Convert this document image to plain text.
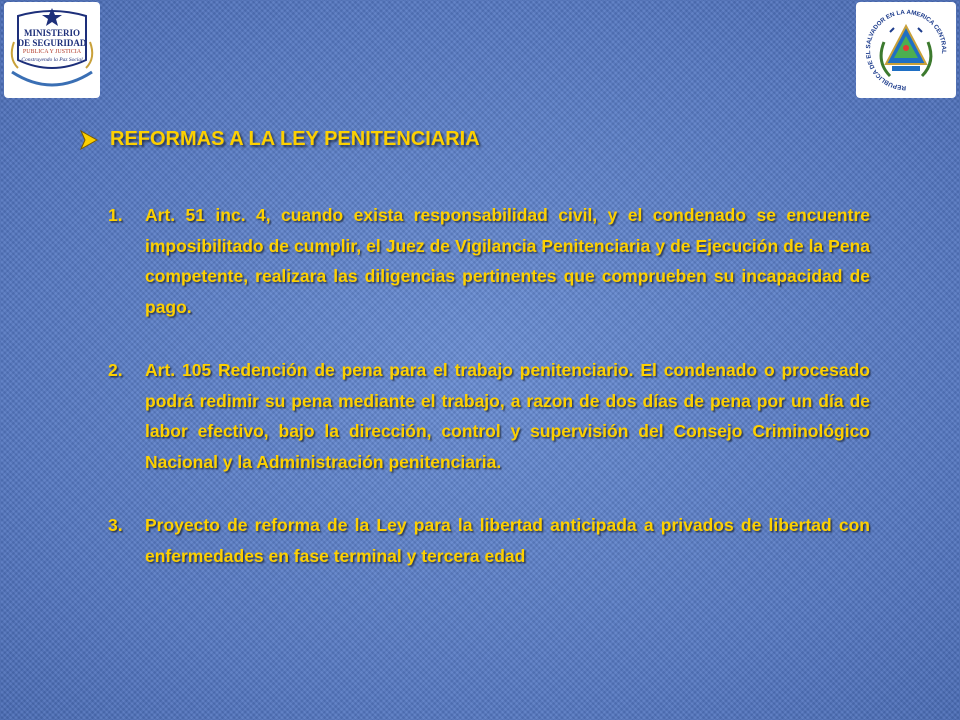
MINISTERIO
DE SEGURIDAD
PUBLICA Y JUSTICIA
Construyendo la Paz Social
REPUBLICA DE EL SALVADOR EN LA AMERICA CENTRAL
REFORMAS A LA LEY PENITENCIARIA
1.	Art. 51 inc. 4, cuando exista responsabilidad civil, y el condenado se encuentre imposibilitado de cumplir, el Juez de Vigilancia Penitenciaria y de Ejecución de la Pena competente, realizara las diligencias pertinentes que comprueben su incapacidad de pago.
2.	Art. 105 Redención de pena para el trabajo penitenciario. El condenado o procesado podrá redimir su pena mediante el trabajo, a razon de dos días de pena por un día de labor efectivo, bajo la dirección, control y supervisión del Consejo Criminológico Nacional y la Administración penitenciaria.
3.	Proyecto de reforma de la Ley para la libertad anticipada a privados de libertad con enfermedades en fase terminal y tercera edad
